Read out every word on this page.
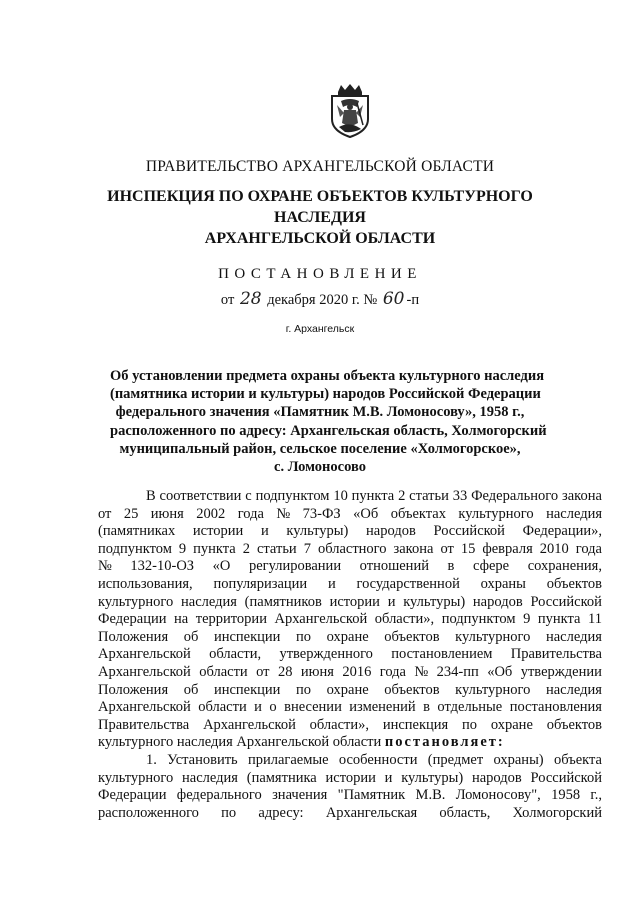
ПРАВИТЕЛЬСТВО АРХАНГЕЛЬСКОЙ ОБЛАСТИ
ИНСПЕКЦИЯ ПО ОХРАНЕ ОБЪЕКТОВ КУЛЬТУРНОГО НАСЛЕДИЯ
АРХАНГЕЛЬСКОЙ ОБЛАСТИ
ПОСТАНОВЛЕНИЕ
от 28 декабря 2020 г. № 60 -п
г. Архангельск
Об установлении предмета охраны объекта культурного наследия
(памятника истории и культуры) народов Российской Федерации
федерального значения «Памятник М.В. Ломоносову», 1958 г.,
расположенного по адресу: Архангельская область, Холмогорский
муниципальный район, сельское поселение «Холмогорское»,
с. Ломоносово
В соответствии с подпунктом 10 пункта 2 статьи 33 Федерального закона
от 25 июня 2002 года № 73-ФЗ «Об объектах культурного наследия
(памятниках истории и культуры) народов Российской Федерации»,
подпунктом 9 пункта 2 статьи 7 областного закона от 15 февраля 2010 года
№ 132-10-ОЗ «О регулировании отношений в сфере сохранения,
использования, популяризации и государственной охраны объектов
культурного наследия (памятников истории и культуры) народов Российской
Федерации на территории Архангельской области», подпунктом 9 пункта 11
Положения об инспекции по охране объектов культурного наследия
Архангельской области, утвержденного постановлением Правительства
Архангельской области от 28 июня 2016 года № 234-пп «Об утверждении
Положения об инспекции по охране объектов культурного наследия
Архангельской области и о внесении изменений в отдельные постановления
Правительства Архангельской области», инспекция по охране объектов
культурного наследия Архангельской области постановляет:
1. Установить прилагаемые особенности (предмет охраны) объекта
культурного наследия (памятника истории и культуры) народов Российской
Федерации федерального значения "Памятник М.В. Ломоносову", 1958 г.,
расположенного по адресу: Архангельская область, Холмогорский
